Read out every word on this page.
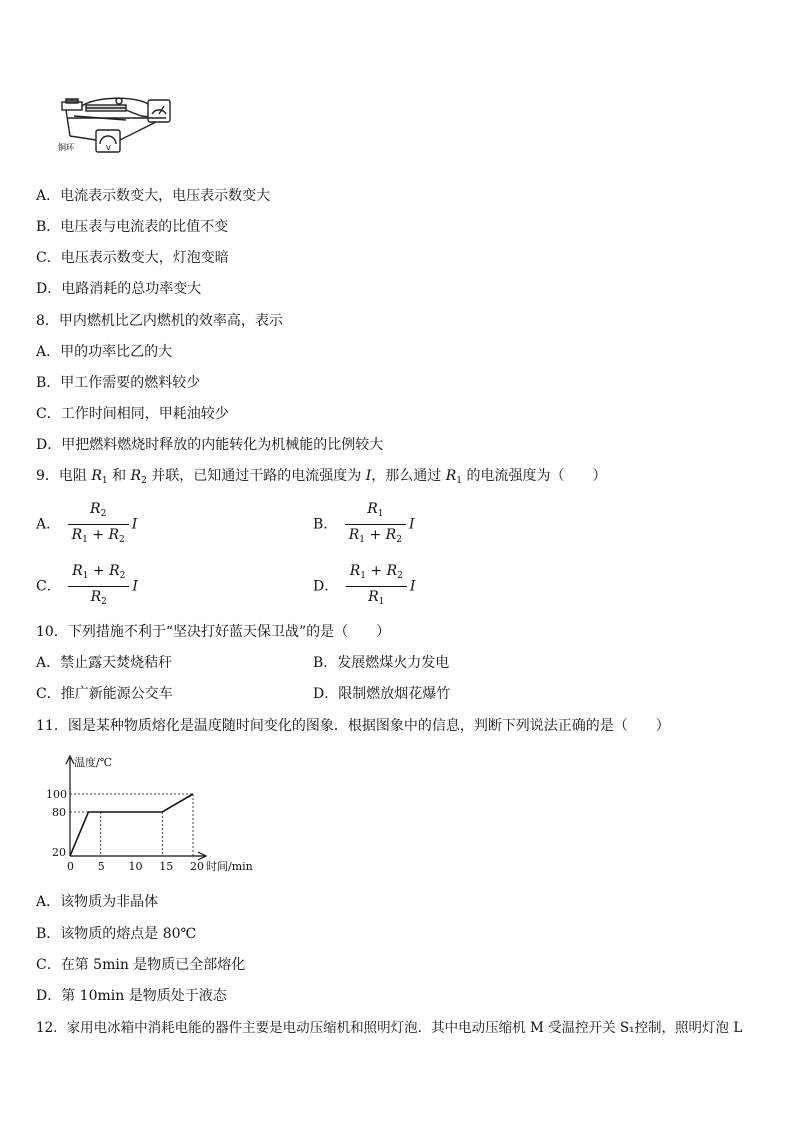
V
铜环
A．电流表示数变大，电压表示数变大
B．电压表与电流表的比值不变
C．电压表示数变大，灯泡变暗
D．电路消耗的总功率变大
8．甲内燃机比乙内燃机的效率高，表示
A．甲的功率比乙的大
B．甲工作需要的燃料较少
C．工作时间相同，甲耗油较少
D．甲把燃料燃烧时释放的内能转化为机械能的比例较大
9．电阻 $R_1$ 和 $R_2$ 并联，已知通过干路的电流强度为 I，那么通过 $R_1$ 的电流强度为（　　）
A． $\frac{R_2}{R_1 + R_2}$ I	B． $\frac{R_1}{R_1 + R_2}$ I
C． $\frac{R_1 + R_2}{R_2}$ I	D． $\frac{R_1 + R_2}{R_1}$ I
10．下列措施不利于“坚决打好蓝天保卫战”的是（　　）
A．禁止露天焚烧秸秆	B．发展燃煤火力发电
C．推广新能源公交车	D．限制燃放烟花爆竹
11．图是某种物质熔化是温度随时间变化的图象．根据图象中的信息，判断下列说法正确的是（　　）
0 5 10 15 20
20
80
100
温度/℃
时间/min
A．该物质为非晶体
B．该物质的熔点是 80℃
C．在第 5min 是物质已全部熔化
D．第 10min 是物质处于液态
12．家用电冰箱中消耗电能的器件主要是电动压缩机和照明灯泡．其中电动压缩机 M 受温控开关 S₁控制，照明灯泡 L
